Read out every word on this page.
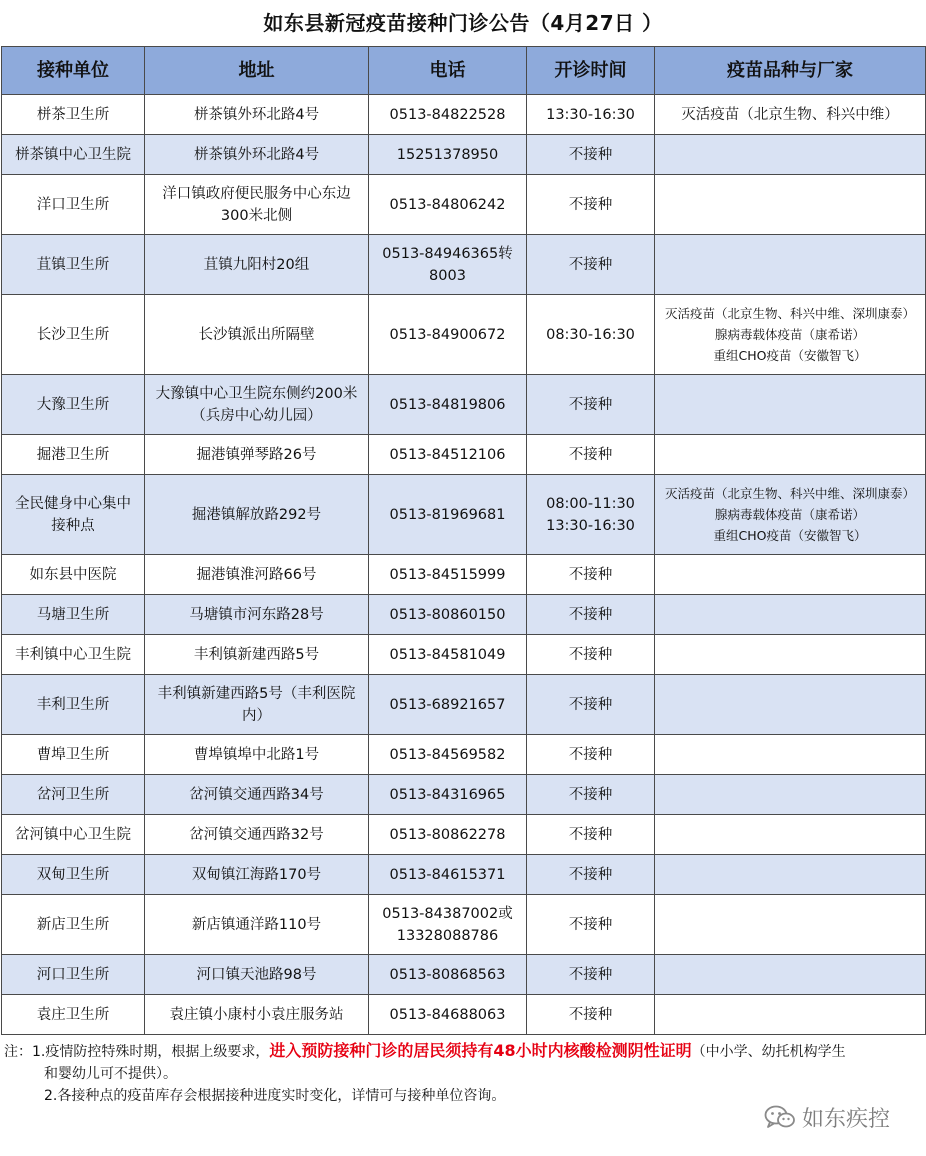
如东县新冠疫苗接种门诊公告（4月27日 ）
接种单位	地址	电话	开诊时间	疫苗品种与厂家

栟茶卫生所	栟茶镇外环北路4号	0513-84822528	13:30-16:30	灭活疫苗（北京生物、科兴中维）

栟茶镇中心卫生院	栟茶镇外环北路4号	15251378950	不接种	

洋口卫生所	洋口镇政府便民服务中心东边
300米北侧	0513-84806242	不接种	

苴镇卫生所	苴镇九阳村20组	0513-84946365转
8003	不接种	

长沙卫生所	长沙镇派出所隔壁	0513-84900672	08:30-16:30	灭活疫苗（北京生物、科兴中维、深圳康泰）
腺病毒载体疫苗（康希诺）
重组CHO疫苗（安徽智飞）

大豫卫生所	大豫镇中心卫生院东侧约200米
（兵房中心幼儿园）	0513-84819806	不接种	

掘港卫生所	掘港镇弹琴路26号	0513-84512106	不接种	

全民健身中心集中
接种点	掘港镇解放路292号	0513-81969681	08:00-11:30
13:30-16:30	灭活疫苗（北京生物、科兴中维、深圳康泰）
腺病毒载体疫苗（康希诺）
重组CHO疫苗（安徽智飞）

如东县中医院	掘港镇淮河路66号	0513-84515999	不接种	

马塘卫生所	马塘镇市河东路28号	0513-80860150	不接种	

丰利镇中心卫生院	丰利镇新建西路5号	0513-84581049	不接种	

丰利卫生所	丰利镇新建西路5号（丰利医院
内）	0513-68921657	不接种	

曹埠卫生所	曹埠镇埠中北路1号	0513-84569582	不接种	

岔河卫生所	岔河镇交通西路34号	0513-84316965	不接种	

岔河镇中心卫生院	岔河镇交通西路32号	0513-80862278	不接种	

双甸卫生所	双甸镇江海路170号	0513-84615371	不接种	

新店卫生所	新店镇通洋路110号	0513-84387002或
13328088786	不接种	

河口卫生所	河口镇天池路98号	0513-80868563	不接种	

袁庄卫生所	袁庄镇小康村小袁庄服务站	0513-84688063	不接种	

注：1.疫情防控特殊时期，根据上级要求，进入预防接种门诊的居民须持有48小时内核酸检测阴性证明（中小学、幼托机构学生
和婴幼儿可不提供）。
2.各接种点的疫苗库存会根据接种进度实时变化，详情可与接种单位咨询。
如东疾控
